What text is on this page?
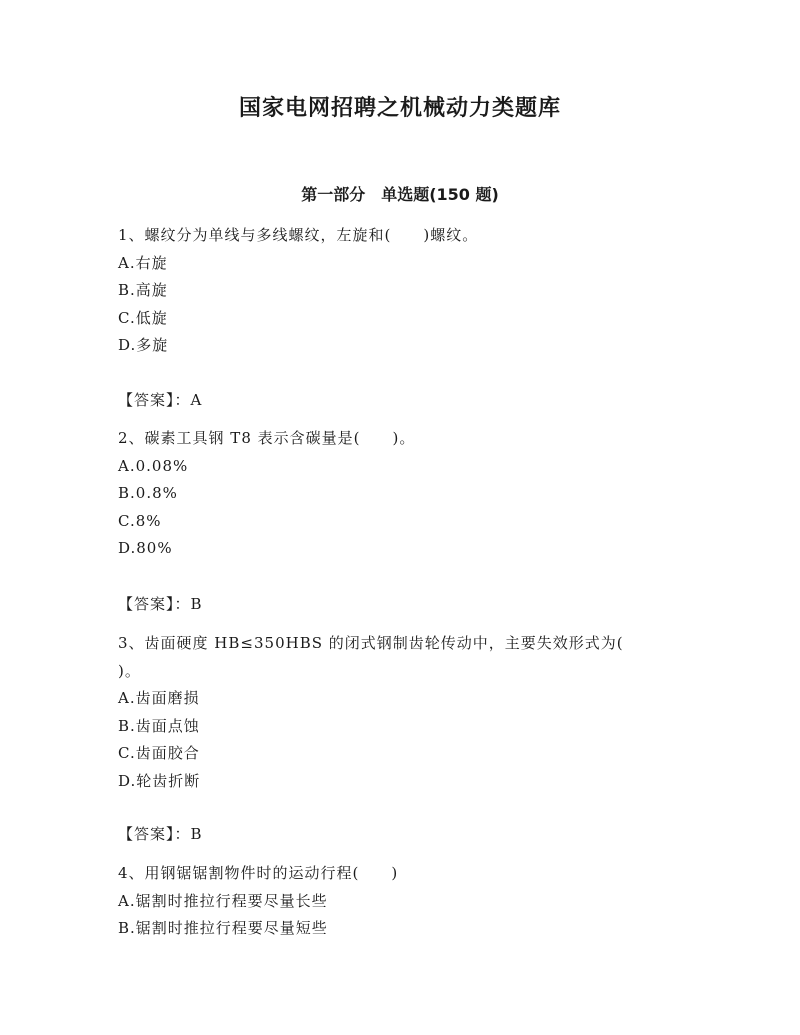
国家电网招聘之机械动力类题库
第一部分　单选题(150 题)
1、螺纹分为单线与多线螺纹，左旋和(　　)螺纹。
A.右旋
B.高旋
C.低旋
D.多旋
【答案】：A
2、碳素工具钢 T8 表示含碳量是(　　)。
A.0.08%
B.0.8%
C.8%
D.80%
【答案】：B
3、齿面硬度 HB≤350HBS 的闭式钢制齿轮传动中，主要失效形式为(　　)。
A.齿面磨损
B.齿面点蚀
C.齿面胶合
D.轮齿折断
【答案】：B
4、用钢锯锯割物件时的运动行程(　　)
A.锯割时推拉行程要尽量长些
B.锯割时推拉行程要尽量短些
